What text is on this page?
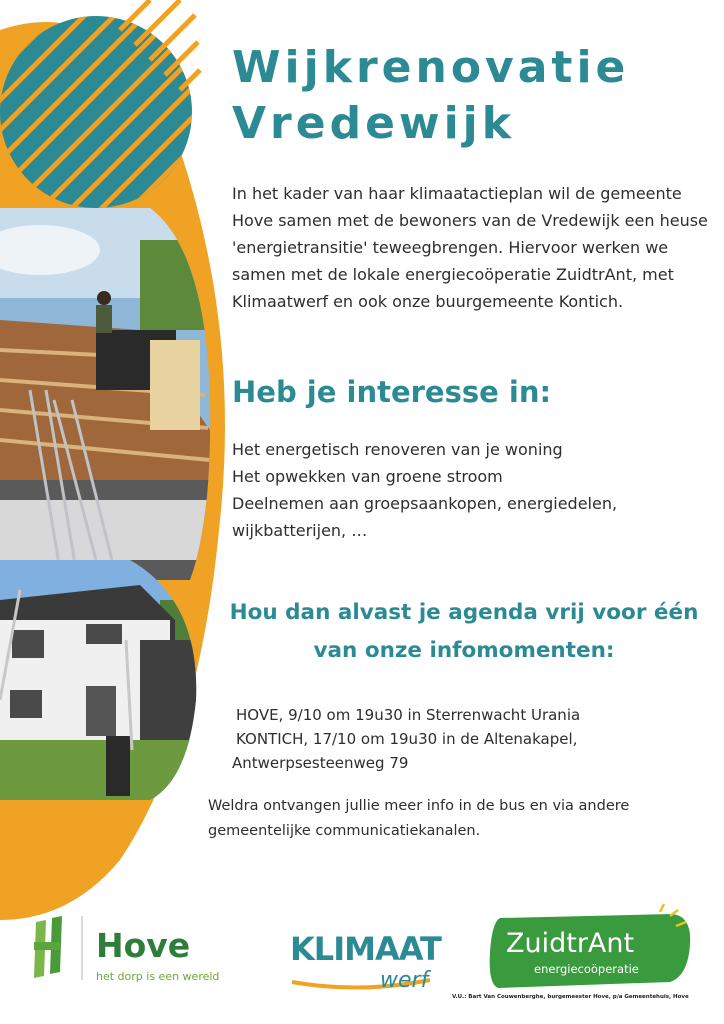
Wijkrenovatie
Vredewijk

In het kader van haar klimaatactieplan wil de gemeente Hove samen met de bewoners van de Vredewijk een heuse 'energietransitie' teweegbrengen. Hiervoor werken we samen met de lokale energiecoöperatie ZuidtrAnt, met Klimaatwerf en ook onze buurgemeente Kontich.

Heb je interesse in:
Het energetisch renoveren van je woning
Het opwekken van groene stroom
Deelnemen aan groepsaankopen, energiedelen, wijkbatterijen, …
Hou dan alvast je agenda vrij voor één
van onze infomomenten:
HOVE, 9/10 om 19u30 in Sterrenwacht Urania
KONTICH, 17/10 om 19u30 in de Altenakapel,
Antwerpsesteenweg 79

Weldra ontvangen jullie meer info in de bus en via andere gemeentelijke communicatiekanalen.

Hove
het dorp is een wereld
KLIMAAT
werf
ZuidtrAnt
energiecoöperatie
V.U.: Bart Van Couwenberghe, burgemeester Hove, p/a Gemeentehuis, Hove
